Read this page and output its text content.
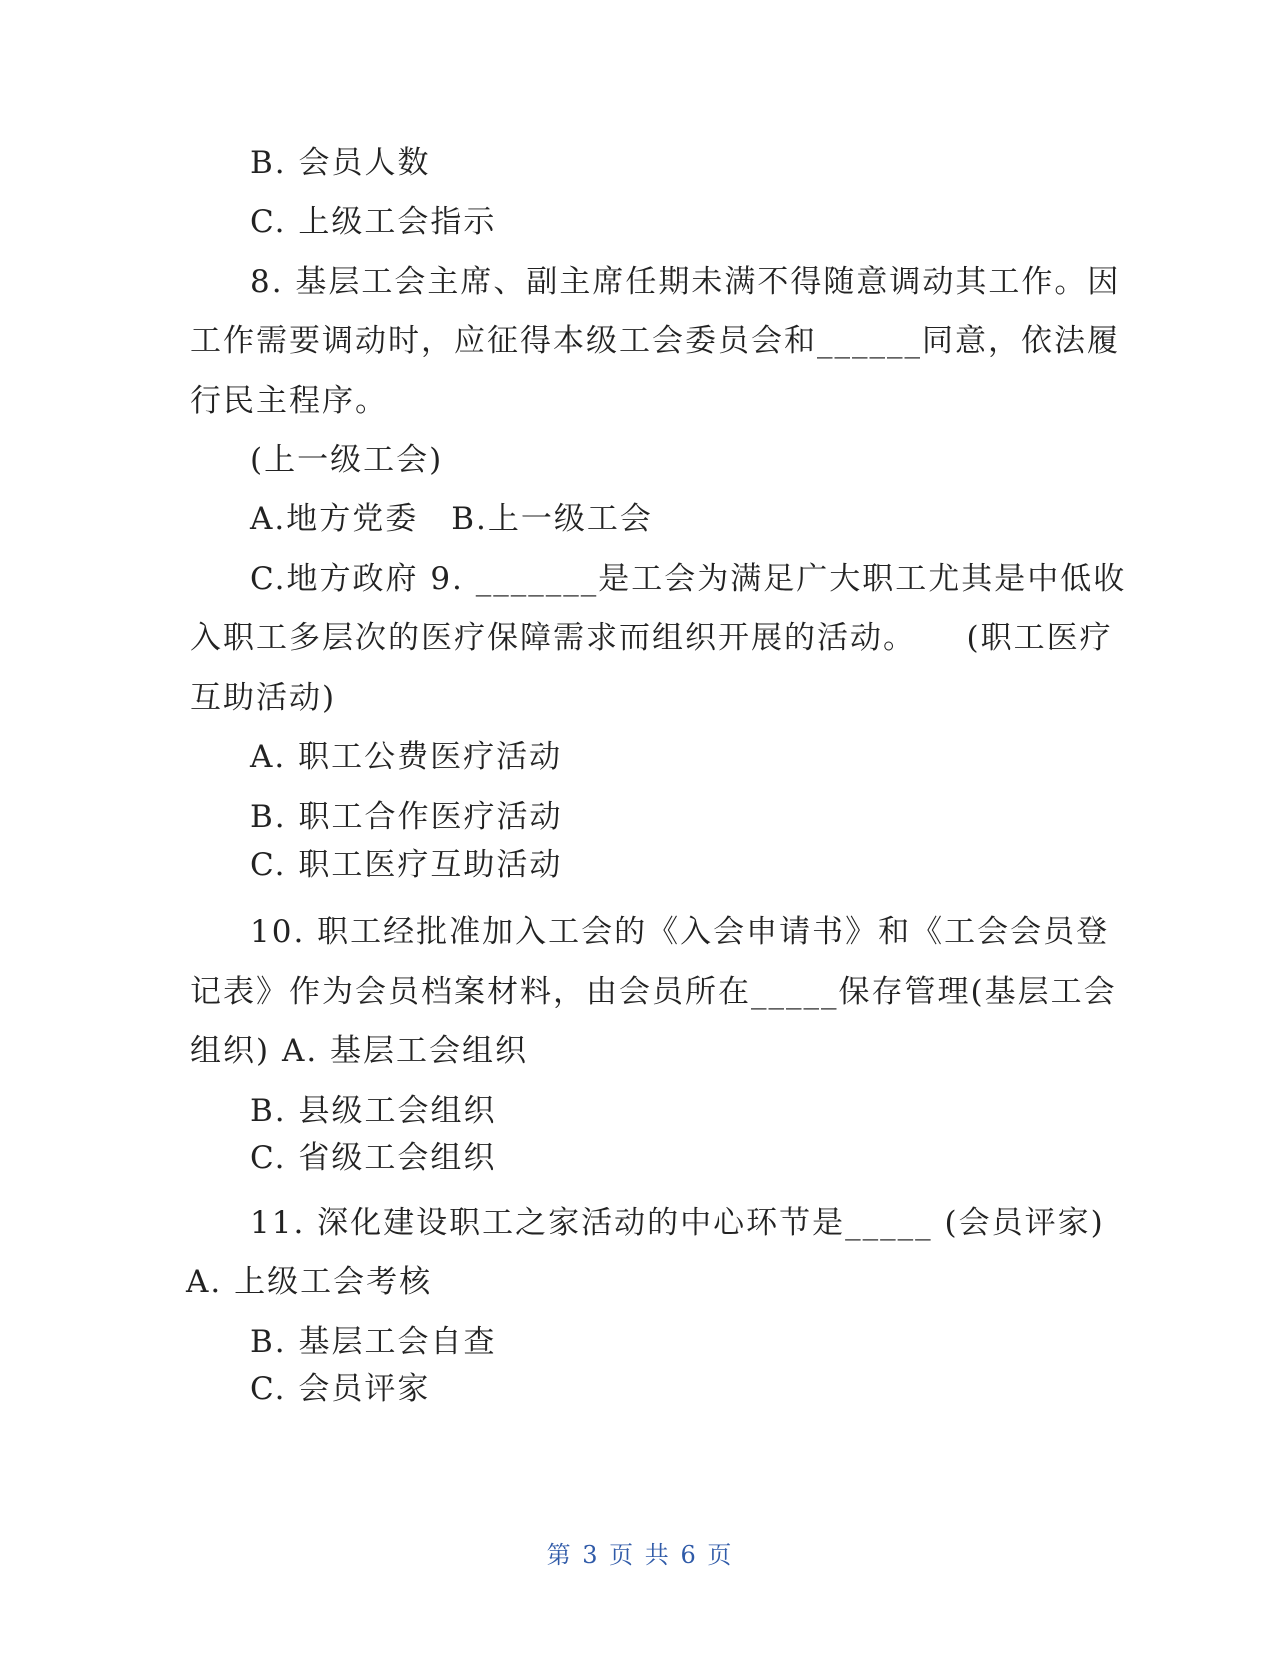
B. 会员人数
C. 上级工会指示
8. 基层工会主席、副主席任期未满不得随意调动其工作。因
工作需要调动时，应征得本级工会委员会和______同意，依法履
行民主程序。
(上一级工会)
A.地方党委　B.上一级工会
C.地方政府 9. _______是工会为满足广大职工尤其是中低收
入职工多层次的医疗保障需求而组织开展的活动。　　(职工医疗
互助活动)
A. 职工公费医疗活动
B. 职工合作医疗活动
C. 职工医疗互助活动
10. 职工经批准加入工会的《入会申请书》和《工会会员登
记表》作为会员档案材料，由会员所在_____保存管理(基层工会
组织) A. 基层工会组织
B. 县级工会组织
C. 省级工会组织
11. 深化建设职工之家活动的中心环节是_____ (会员评家)
A. 上级工会考核
B. 基层工会自查
C. 会员评家
第 3 页 共 6 页
